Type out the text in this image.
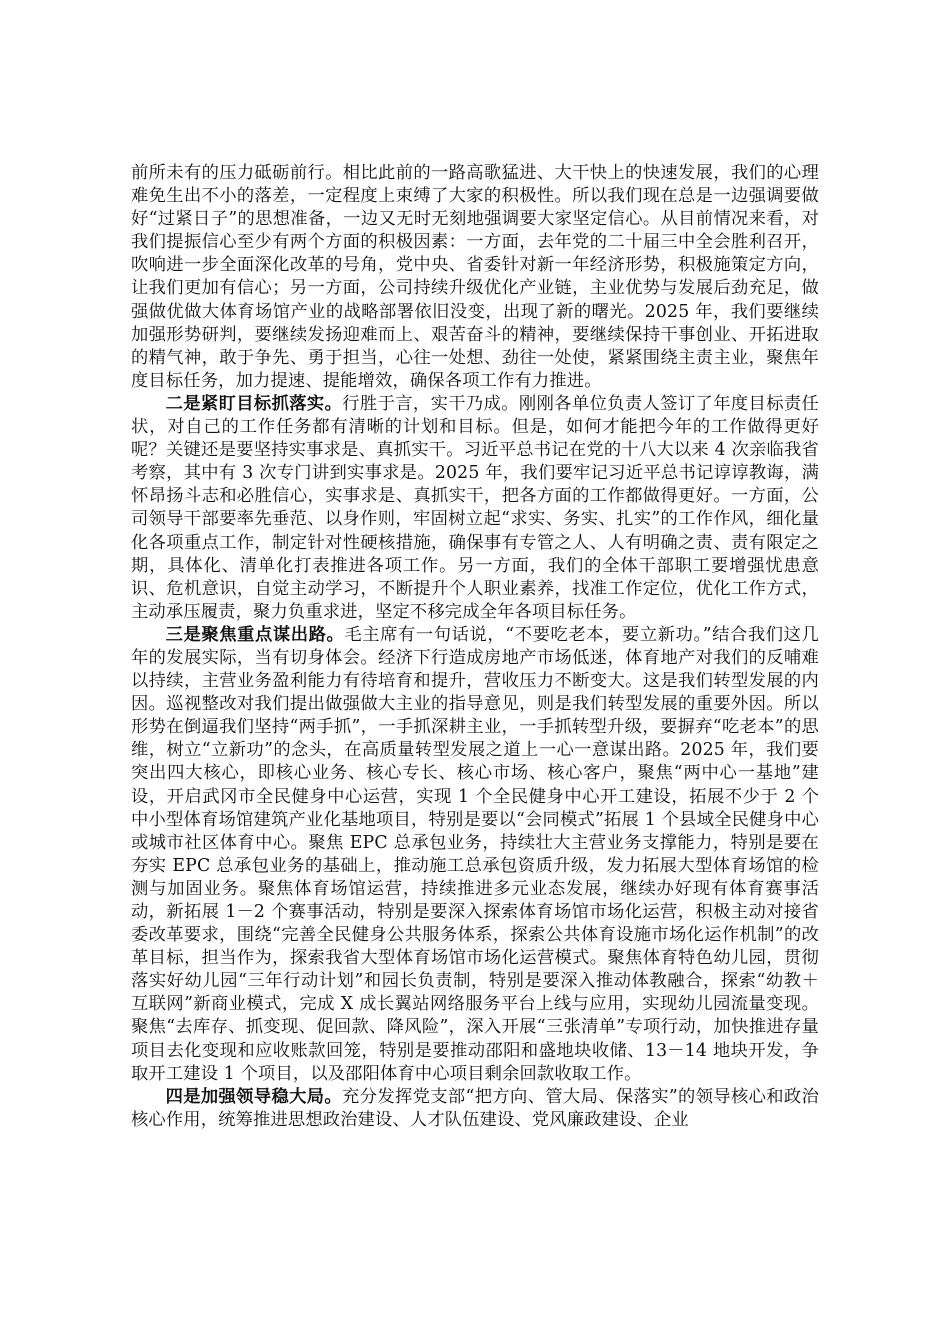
前所未有的压力砥砺前行。相比此前的一路高歌猛进、大干快上的快速发展，我们的心理难免生出不小的落差，一定程度上束缚了大家的积极性。所以我们现在总是一边强调要做好“过紧日子”的思想准备，一边又无时无刻地强调要大家坚定信心。从目前情况来看，对我们提振信心至少有两个方面的积极因素：一方面，去年党的二十届三中全会胜利召开，吹响进一步全面深化改革的号角，党中央、省委针对新一年经济形势，积极施策定方向，让我们更加有信心；另一方面，公司持续升级优化产业链，主业优势与发展后劲充足，做强做优做大体育场馆产业的战略部署依旧没变，出现了新的曙光。2025 年，我们要继续加强形势研判，要继续发扬迎难而上、艰苦奋斗的精神，要继续保持干事创业、开拓进取的精气神，敢于争先、勇于担当，心往一处想、劲往一处使，紧紧围绕主责主业，聚焦年度目标任务，加力提速、提能增效，确保各项工作有力推进。

二是紧盯目标抓落实。行胜于言，实干乃成。刚刚各单位负责人签订了年度目标责任状，对自己的工作任务都有清晰的计划和目标。但是，如何才能把今年的工作做得更好呢？关键还是要坚持实事求是、真抓实干。习近平总书记在党的十八大以来 4 次亲临我省考察，其中有 3 次专门讲到实事求是。2025 年，我们要牢记习近平总书记谆谆教诲，满怀昂扬斗志和必胜信心，实事求是、真抓实干，把各方面的工作都做得更好。一方面，公司领导干部要率先垂范、以身作则，牢固树立起“求实、务实、扎实”的工作作风，细化量化各项重点工作，制定针对性硬核措施，确保事有专管之人、人有明确之责、责有限定之期，具体化、清单化打表推进各项工作。另一方面，我们的全体干部职工要增强忧患意识、危机意识，自觉主动学习，不断提升个人职业素养，找准工作定位，优化工作方式，主动承压履责，聚力负重求进，坚定不移完成全年各项目标任务。

三是聚焦重点谋出路。毛主席有一句话说，“不要吃老本，要立新功。”结合我们这几年的发展实际，当有切身体会。经济下行造成房地产市场低迷，体育地产对我们的反哺难以持续，主营业务盈利能力有待培育和提升，营收压力不断变大。这是我们转型发展的内因。巡视整改对我们提出做强做大主业的指导意见，则是我们转型发展的重要外因。所以形势在倒逼我们坚持“两手抓”，一手抓深耕主业，一手抓转型升级，要摒弃“吃老本”的思维，树立“立新功”的念头，在高质量转型发展之道上一心一意谋出路。2025 年，我们要突出四大核心，即核心业务、核心专长、核心市场、核心客户，聚焦“两中心一基地”建设，开启武冈市全民健身中心运营，实现 1 个全民健身中心开工建设，拓展不少于 2 个中小型体育场馆建筑产业化基地项目，特别是要以“会同模式”拓展 1 个县域全民健身中心或城市社区体育中心。聚焦 EPC 总承包业务，持续壮大主营业务支撑能力，特别是要在夯实 EPC 总承包业务的基础上，推动施工总承包资质升级，发力拓展大型体育场馆的检测与加固业务。聚焦体育场馆运营，持续推进多元业态发展，继续办好现有体育赛事活动，新拓展 1－2 个赛事活动，特别是要深入探索体育场馆市场化运营，积极主动对接省委改革要求，围绕“完善全民健身公共服务体系，探索公共体育设施市场化运作机制”的改革目标，担当作为，探索我省大型体育场馆市场化运营模式。聚焦体育特色幼儿园，贯彻落实好幼儿园“三年行动计划”和园长负责制，特别是要深入推动体教融合，探索“幼教＋互联网”新商业模式，完成 X 成长翼站网络服务平台上线与应用，实现幼儿园流量变现。聚焦“去库存、抓变现、促回款、降风险”，深入开展“三张清单”专项行动，加快推进存量项目去化变现和应收账款回笼，特别是要推动邵阳和盛地块收储、13－14 地块开发，争取开工建设 1 个项目，以及邵阳体育中心项目剩余回款收取工作。

四是加强领导稳大局。充分发挥党支部“把方向、管大局、保落实”的领导核心和政治核心作用，统筹推进思想政治建设、人才队伍建设、党风廉政建设、企业
